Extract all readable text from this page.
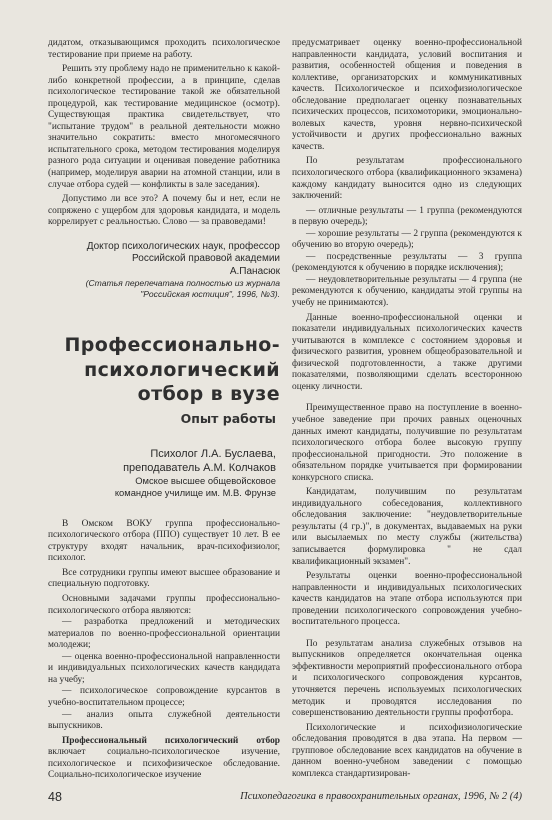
дидатом, отказывающимся проходить психологическое тестирование при приеме на работу.

Решить эту проблему надо не применительно к какой-либо конкретной профессии, а в принципе, сделав психологическое тестирование такой же обязательной процедурой, как тестирование медицинское (осмотр). Существующая практика свидетельствует, что "испытание трудом" в реальной деятельности можно значительно сократить: вместо многомесячного испытательного срока, методом тестирования моделируя разного рода ситуации и оценивая поведение работника (например, моделируя аварии на атомной станции, или в случае отбора судей — конфликты в зале заседания).

Допустимо ли все это? А почему бы и нет, если не сопряжено с ущербом для здоровья кандидата, и модель коррелирует с реальностью. Слово — за правоведами!

Доктор психологических наук, профессор
Российской правовой академии
А.Панасюк
(Статья перепечатана полностью из журнала
"Российская юстиция", 1996, №3).
Профессионально-
психологический
отбор в вузе
Опыт работы
Психолог Л.А. Буслаева,
преподаватель А.М. Колчаков
Омское высшее общевойсковое
командное училище им. М.В. Фрунзе

В Омском ВОКУ группа профессионально-психологического отбора (ППО) существует 10 лет. В ее структуру входят начальник, врач-психофизиолог, психолог.

Все сотрудники группы имеют высшее образование и специальную подготовку.

Основными задачами группы профессионально-психологического отбора являются:

— разработка предложений и методических материалов по военно-профессиональной ориентации молодежи;

— оценка военно-профессиональной направленности и индивидуальных психологических качеств кандидата на учебу;

— психологическое сопровождение курсантов в учебно-воспитательном процессе;

— анализ опыта служебной деятельности выпускников.

Профессиональный психологический отбор включает социально-психологическое изучение, психологическое и психофизическое обследование. Социально-психологическое изучение

предусматривает оценку военно-профессиональной направленности кандидата, условий воспитания и развития, особенностей общения и поведения в коллективе, организаторских и коммуникативных качеств. Психологическое и психофизиологическое обследование предполагает оценку познавательных психических процессов, психомоторики, эмоционально-волевых качеств, уровня нервно-психической устойчивости и других профессионально важных качеств.

По результатам профессионального психологического отбора (квалификационного экзамена) каждому кандидату выносится одно из следующих заключений:

— отличные результаты — 1 группа (рекомендуются в первую очередь);

— хорошие результаты — 2 группа (рекомендуются к обучению во вторую очередь);

— посредственные результаты — 3 группа (рекомендуются к обучению в порядке исключения);

— неудовлетворительные результаты — 4 группа (не рекомендуются к обучению, кандидаты этой группы на учебу не принимаются).

Данные военно-профессиональной оценки и показатели индивидуальных психологических качеств учитываются в комплексе с состоянием здоровья и физического развития, уровнем общеобразовательной и физической подготовленности, а также другими показателями, позволяющими сделать всесторонною оценку личности.

Преимущественное право на поступление в военно-учебное заведение при прочих равных оценочных данных имеют кандидаты, получившие по результатам психологического отбора более высокую группу профессиональной пригодности. Это положение в обязательном порядке учитывается при формировании конкурсного списка.

Кандидатам, получившим по результатам индивидуального собеседования, коллективного обследования заключение: "неудовлетворительные результаты (4 гр.)", в документах, выдаваемых на руки или высылаемых по месту службы (жительства) записывается формулировка " не сдал квалификационный экзамен".

Результаты оценки военно-профессиональной направленности и индивидуальных психологических качеств кандидатов на этапе отбора используются при проведении психологического сопровождения учебно-воспитательного процесса.

По результатам анализа служебных отзывов на выпускников определяется окончательная оценка эффективности мероприятий профессионального отбора и психологического сопровождения курсантов, уточняется перечень используемых психологических методик и проводятся исследования по совершенствованию деятельности группы профотбора.

Психологические и психофизиологические обследования проводятся в два этапа. На первом — групповое обследование всех кандидатов на обучение в данном военно-учебном заведении с помощью комплекса стандартизирован-

48	Психопедагогика в правоохранительных органах, 1996, № 2 (4)
